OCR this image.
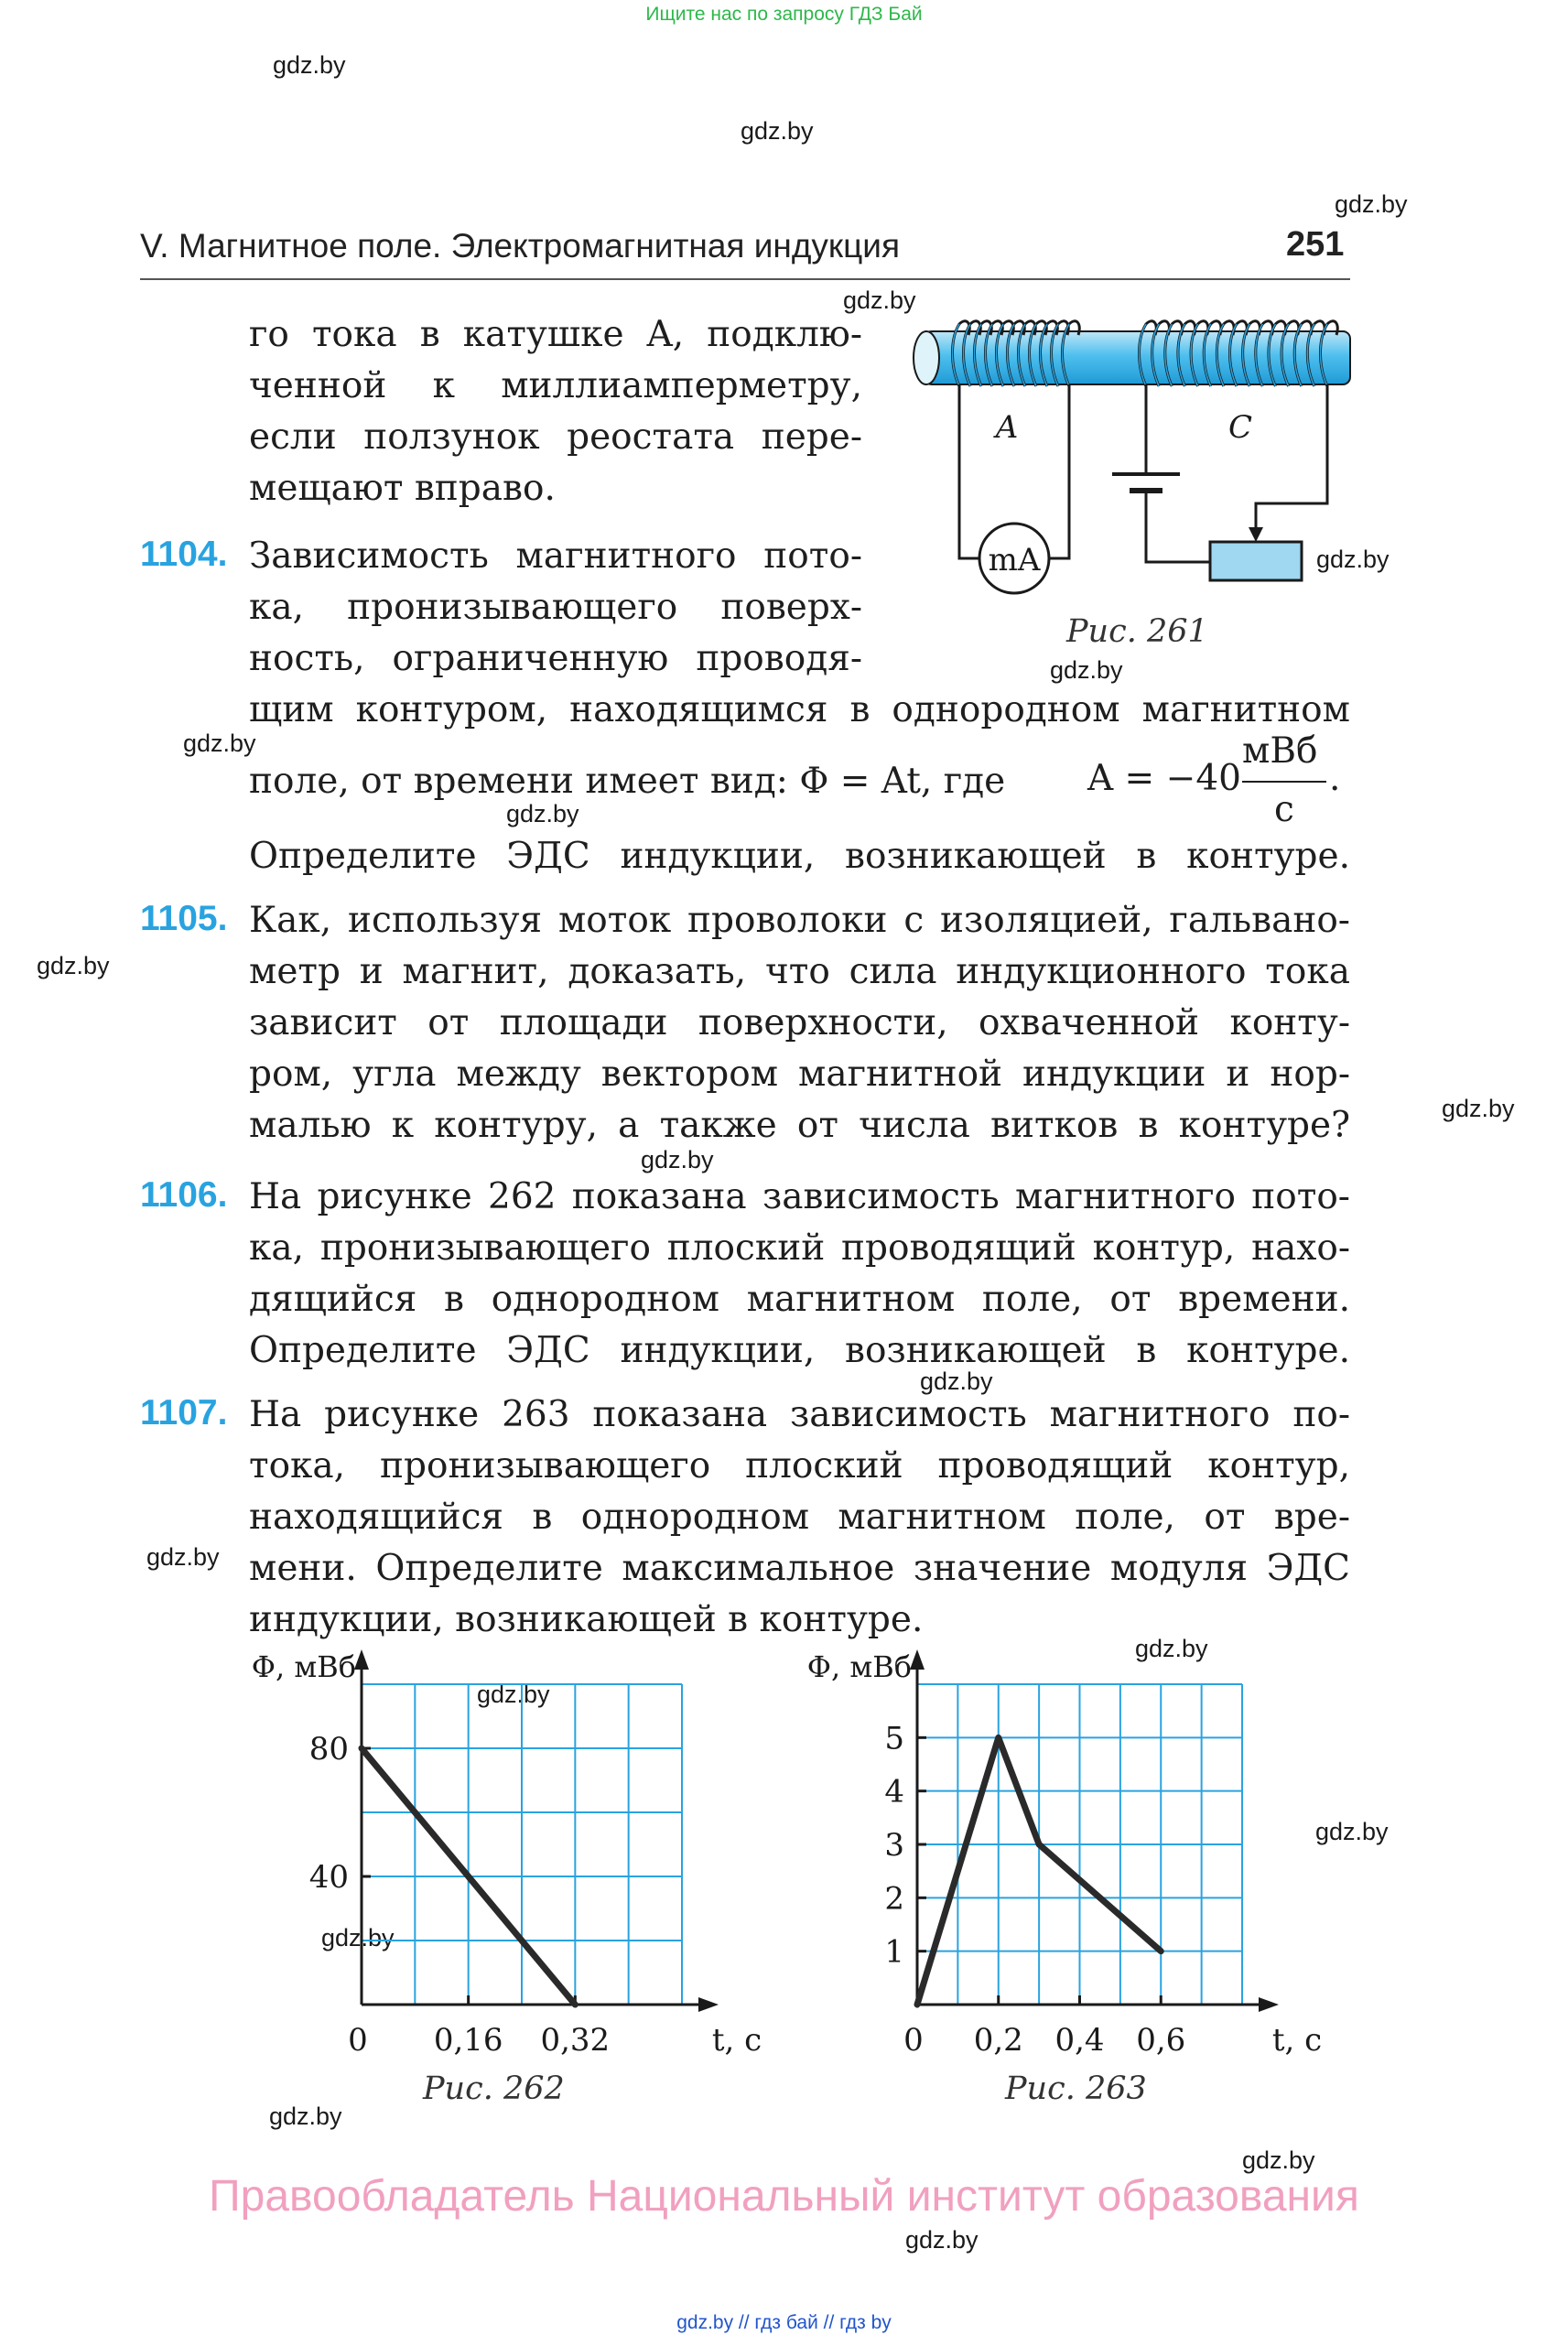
Ищите нас по запросу ГДЗ Бай
gdz.by
gdz.by
gdz.by
gdz.by
gdz.by
gdz.by
gdz.by
gdz.by
gdz.by
gdz.by
gdz.by
gdz.by
gdz.by
gdz.by
gdz.by
gdz.by
gdz.by
gdz.by
gdz.by
gdz.by
V. Магнитное поле. Электромагнитная индукция	251
го тока в катушке A, подклю-
ченной к миллиамперметру,
если ползунок реостата пере-
мещают вправо.
1104. Зависимость магнитного пото-
ка, пронизывающего поверх-
ность, ограниченную проводя-
щим контуром, находящимся в однородном магнитном
поле, от времени имеет вид: Φ = At, где A = −40
мВб
с
.
Определите ЭДС индукции, возникающей в контуре.
1105. Как, используя моток проволоки с изоляцией, гальвано-
метр и магнит, доказать, что сила индукционного тока
зависит от площади поверхности, охваченной конту-
ром, угла между вектором магнитной индукции и нор-
малью к контуру, а также от числа витков в контуре?
1106. На рисунке 262 показана зависимость магнитного пото-
ка, пронизывающего плоский проводящий контур, нахо-
дящийся в однородном магнитном поле, от времени.
Определите ЭДС индукции, возникающей в контуре.
1107. На рисунке 263 показана зависимость магнитного по-
тока, пронизывающего плоский проводящий контур,
находящийся в однородном магнитном поле, от вре-
мени. Определите максимальное значение модуля ЭДС
индукции, возникающей в контуре.
mA
A	C
Рис. 261
0 0,16 0,32
40
80
Φ, мВб
t, с	0 0,2 0,4 0,6
1
2
3
4
5
Φ, мВб
t, с
Рис. 262	Рис. 263
Правообладатель Национальный институт образования
gdz.by // гдз бай // гдз by
